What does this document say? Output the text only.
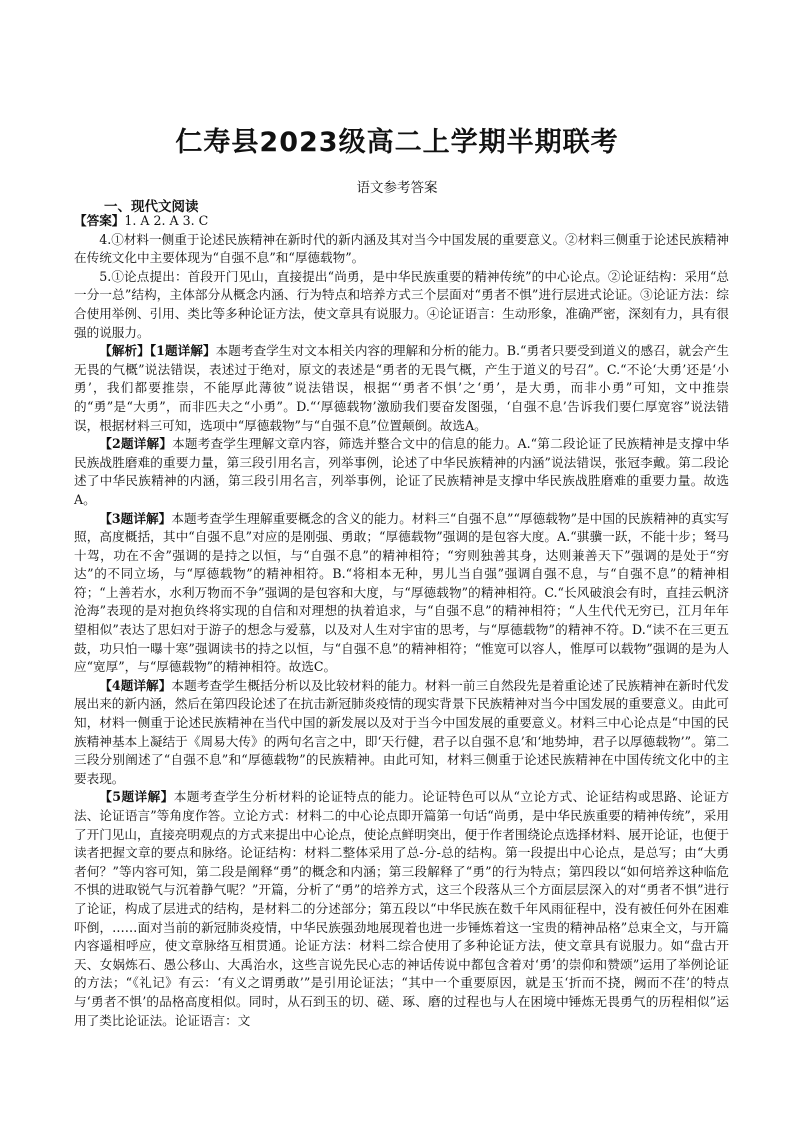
仁寿县2023级高二上学期半期联考
语文参考答案
一、现代文阅读

【答案】1. A 2. A 3. C

4.①材料一侧重于论述民族精神在新时代的新内涵及其对当今中国发展的重要意义。②材料三侧重于论述民族精神在传统文化中主要体现为“自强不息”和“厚德载物”。

5.①论点提出：首段开门见山，直接提出“尚勇，是中华民族重要的精神传统”的中心论点。②论证结构：采用“总一分一总”结构，主体部分从概念内涵、行为特点和培养方式三个层面对“勇者不惧”进行层进式论证。③论证方法：综合使用举例、引用、类比等多种论证方法，使文章具有说服力。④论证语言：生动形象，准确严密，深刻有力，具有很强的说服力。

【解析】【1题详解】本题考查学生对文本相关内容的理解和分析的能力。B.“勇者只要受到道义的感召，就会产生无畏的气概”说法错误，表述过于绝对，原文的表述是“勇者的无畏气概，产生于道义的号召”。C.“不论‘大勇’还是‘小勇’，我们都要推崇，不能厚此薄彼”说法错误，根据“‘勇者不惧’之‘勇’，是大勇，而非小勇”可知，文中推崇的“勇”是“大勇”，而非匹夫之“小勇”。D.“‘厚德载物’激励我们要奋发图强，‘自强不息’告诉我们要仁厚宽容”说法错误，根据材料三可知，选项中“厚德载物”与“自强不息”位置颠倒。故选A。

【2题详解】本题考查学生理解文章内容，筛选并整合文中的信息的能力。A.“第二段论证了民族精神是支撑中华民族战胜磨难的重要力量，第三段引用名言，列举事例，论述了中华民族精神的内涵”说法错误，张冠李戴。第二段论述了中华民族精神的内涵，第三段引用名言，列举事例，论证了民族精神是支撑中华民族战胜磨难的重要力量。故选A。

【3题详解】本题考查学生理解重要概念的含义的能力。材料三“自强不息”“厚德载物”是中国的民族精神的真实写照，高度概括，其中“自强不息”对应的是刚强、勇敢；“厚德载物”强调的是包容大度。A.“骐骥一跃，不能十步；驽马十驾，功在不舍”强调的是持之以恒，与“自强不息”的精神相符；“穷则独善其身，达则兼善天下”强调的是处于“穷达”的不同立场，与“厚德载物”的精神相符。B.“将相本无种，男儿当自强”强调自强不息，与“自强不息”的精神相符；“上善若水，水利万物而不争”强调的是包容和大度，与“厚德载物”的精神相符。C.“长风破浪会有时，直挂云帆济沧海”表现的是对抱负终将实现的自信和对理想的执着追求，与“自强不息”的精神相符；“人生代代无穷已，江月年年望相似”表达了思妇对于游子的想念与爱慕，以及对人生对宇宙的思考，与“厚德载物”的精神不符。D.“读不在三更五鼓，功只怕一曝十寒”强调读书的持之以恒，与“自强不息”的精神相符；“惟宽可以容人，惟厚可以载物”强调的是为人应“宽厚”，与“厚德载物”的精神相符。故选C。

【4题详解】本题考查学生概括分析以及比较材料的能力。材料一前三自然段先是着重论述了民族精神在新时代发展出来的新内涵，然后在第四段论述了在抗击新冠肺炎疫情的现实背景下民族精神对当今中国发展的重要意义。由此可知，材料一侧重于论述民族精神在当代中国的新发展以及对于当今中国发展的重要意义。材料三中心论点是“中国的民族精神基本上凝结于《周易大传》的两句名言之中，即‘天行健，君子以自强不息’和‘地势坤，君子以厚德载物’”。第二三段分别阐述了“自强不息”和“厚德载物”的民族精神。由此可知，材料三侧重于论述民族精神在中国传统文化中的主要表现。

【5题详解】本题考查学生分析材料的论证特点的能力。论证特色可以从“立论方式、论证结构或思路、论证方法、论证语言”等角度作答。立论方式：材料二的中心论点即开篇第一句话“尚勇，是中华民族重要的精神传统”，采用了开门见山，直接亮明观点的方式来提出中心论点，使论点鲜明突出，便于作者围绕论点选择材料、展开论证，也便于读者把握文章的要点和脉络。论证结构：材料二整体采用了总-分-总的结构。第一段提出中心论点，是总写；由“大勇者何？”等内容可知，第二段是阐释“勇”的概念和内涵；第三段解释了“勇”的行为特点；第四段以“如何培养这种临危不惧的进取锐气与沉着静气呢？”开篇，分析了“勇”的培养方式，这三个段落从三个方面层层深入的对“勇者不惧”进行了论证，构成了层进式的结构，是材料二的分述部分；第五段以“中华民族在数千年风雨征程中，没有被任何外在困难吓倒，……面对当前的新冠肺炎疫情，中华民族强劲地展现着也进一步锤炼着这一宝贵的精神品格”总束全文，与开篇内容遥相呼应，使文章脉络互相贯通。论证方法：材料二综合使用了多种论证方法，使文章具有说服力。如“盘古开天、女娲炼石、愚公移山、大禹治水，这些言说先民心志的神话传说中都包含着对‘勇’的崇仰和赞颂”运用了举例论证的方法；“《礼记》有云：‘有义之谓勇敢’”是引用论证法；“其中一个重要原因，就是玉‘折而不挠，阙而不荏’的特点与‘勇者不惧’的品格高度相似。同时，从石到玉的切、磋、琢、磨的过程也与人在困境中锤炼无畏勇气的历程相似”运用了类比论证法。论证语言：文
